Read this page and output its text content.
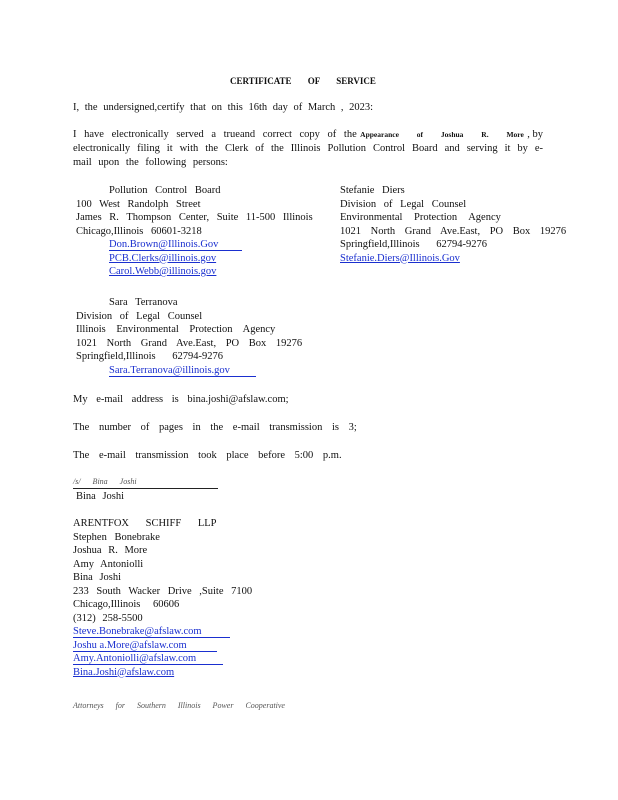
CERTIFICATE OF SERVICE
I, the undersigned,certify that on this 16th day of March , 2023:
I have electronically served a trueand correct copy of the Appearance of Joshua R. More , by
electronically filing it with the Clerk of the Illinois Pollution Control Board and serving it by e-
mail upon the following persons:
Pollution Control Board
100 West Randolph Street
James R. Thompson Center, Suite 11-500 Illinois
Chicago,Illinois 60601-3218
Don.Brown@Illinois.Gov
PCB.Clerks@illinois.gov
Carol.Webb@illinois.gov
Stefanie Diers
Division of Legal Counsel
Environmental Protection Agency
1021 North Grand Ave.East, PO Box 19276
Springfield,Illinois 62794-9276
Stefanie.Diers@Illinois.Gov
Sara Terranova
Division of Legal Counsel
Illinois Environmental Protection Agency
1021 North Grand Ave.East, PO Box 19276
Springfield,Illinois 62794-9276
Sara.Terranova@illinois.gov
My e-mail address is bina.joshi@afslaw.com;
The number of pages in the e-mail transmission is 3;
The e-mail transmission took place before 5:00 p.m.
/s/ Bina Joshi
Bina Joshi
ARENTFOX SCHIFF LLP
Stephen Bonebrake
Joshua R. More
Amy Antoniolli
Bina Joshi
233 South Wacker Drive ,Suite 7100
Chicago,Illinois 60606
(312) 258-5500
Steve.Bonebrake@afslaw.com
Joshu a.More@afslaw.com
Amy.Antoniolli@afslaw.com
Bina.Joshi@afslaw.com
Attorneys for Southern Illinois Power Cooperative
